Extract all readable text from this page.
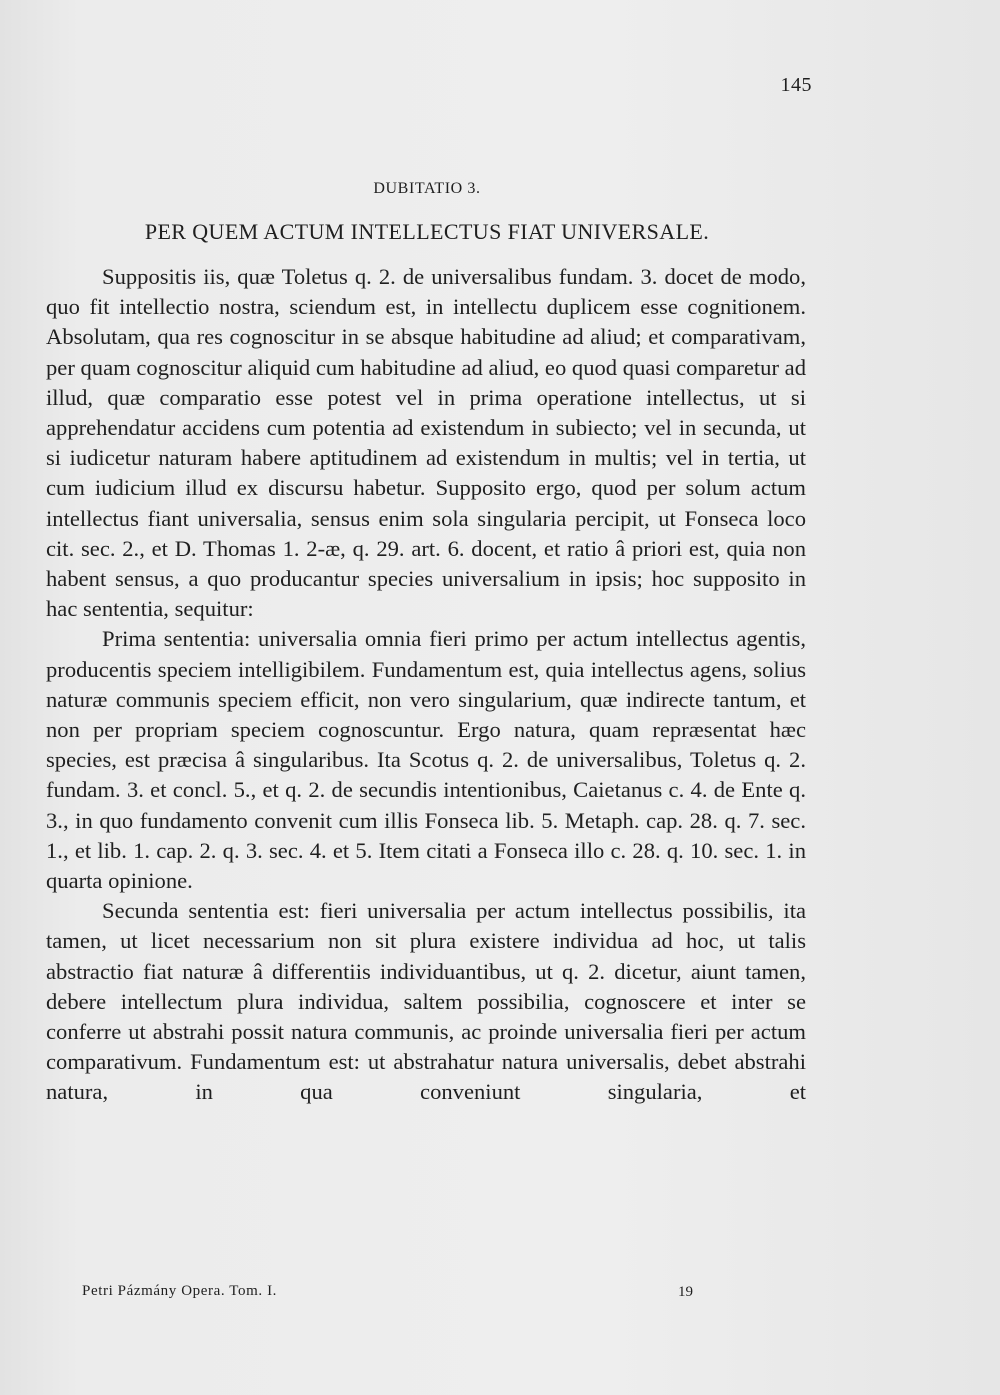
145
DUBITATIO 3.
PER QUEM ACTUM INTELLECTUS FIAT UNIVERSALE.

Suppositis iis, quæ Toletus q. 2. de universalibus fundam. 3. docet de modo, quo fit intellectio nostra, sciendum est, in intellectu duplicem esse cognitionem. Absolutam, qua res cognoscitur in se absque habitudine ad aliud; et comparativam, per quam cognoscitur aliquid cum habitudine ad aliud, eo quod quasi comparetur ad illud, quæ comparatio esse potest vel in prima operatione intellectus, ut si apprehendatur accidens cum potentia ad existendum in subiecto; vel in secunda, ut si iudicetur naturam habere aptitudinem ad existendum in multis; vel in tertia, ut cum iudicium illud ex discursu habetur. Supposito ergo, quod per solum actum intellectus fiant universalia, sensus enim sola singularia percipit, ut Fonseca loco cit. sec. 2., et D. Thomas 1. 2-æ, q. 29. art. 6. docent, et ratio â priori est, quia non habent sensus, a quo producantur species universalium in ipsis; hoc supposito in hac sententia, sequitur:

Prima sententia: universalia omnia fieri primo per actum intellectus agentis, producentis speciem intelligibilem. Fundamentum est, quia intellectus agens, solius naturæ communis speciem efficit, non vero singularium, quæ indirecte tantum, et non per propriam speciem cognoscuntur. Ergo natura, quam repræsentat hæc species, est præcisa â singularibus. Ita Scotus q. 2. de universalibus, Toletus q. 2. fundam. 3. et concl. 5., et q. 2. de secundis intentionibus, Caietanus c. 4. de Ente q. 3., in quo fundamento convenit cum illis Fonseca lib. 5. Metaph. cap. 28. q. 7. sec. 1., et lib. 1. cap. 2. q. 3. sec. 4. et 5. Item citati a Fonseca illo c. 28. q. 10. sec. 1. in quarta opinione.

Secunda sententia est: fieri universalia per actum intellectus possibilis, ita tamen, ut licet necessarium non sit plura existere individua ad hoc, ut talis abstractio fiat naturæ â differentiis individuantibus, ut q. 2. dicetur, aiunt tamen, debere intellectum plura individua, saltem possibilia, cognoscere et inter se conferre ut abstrahi possit natura communis, ac proinde universalia fieri per actum comparativum. Fundamentum est: ut abstrahatur natura universalis, debet abstrahi natura, in qua conveniunt singularia, et

Petri Pázmány Opera. Tom. I.	19
